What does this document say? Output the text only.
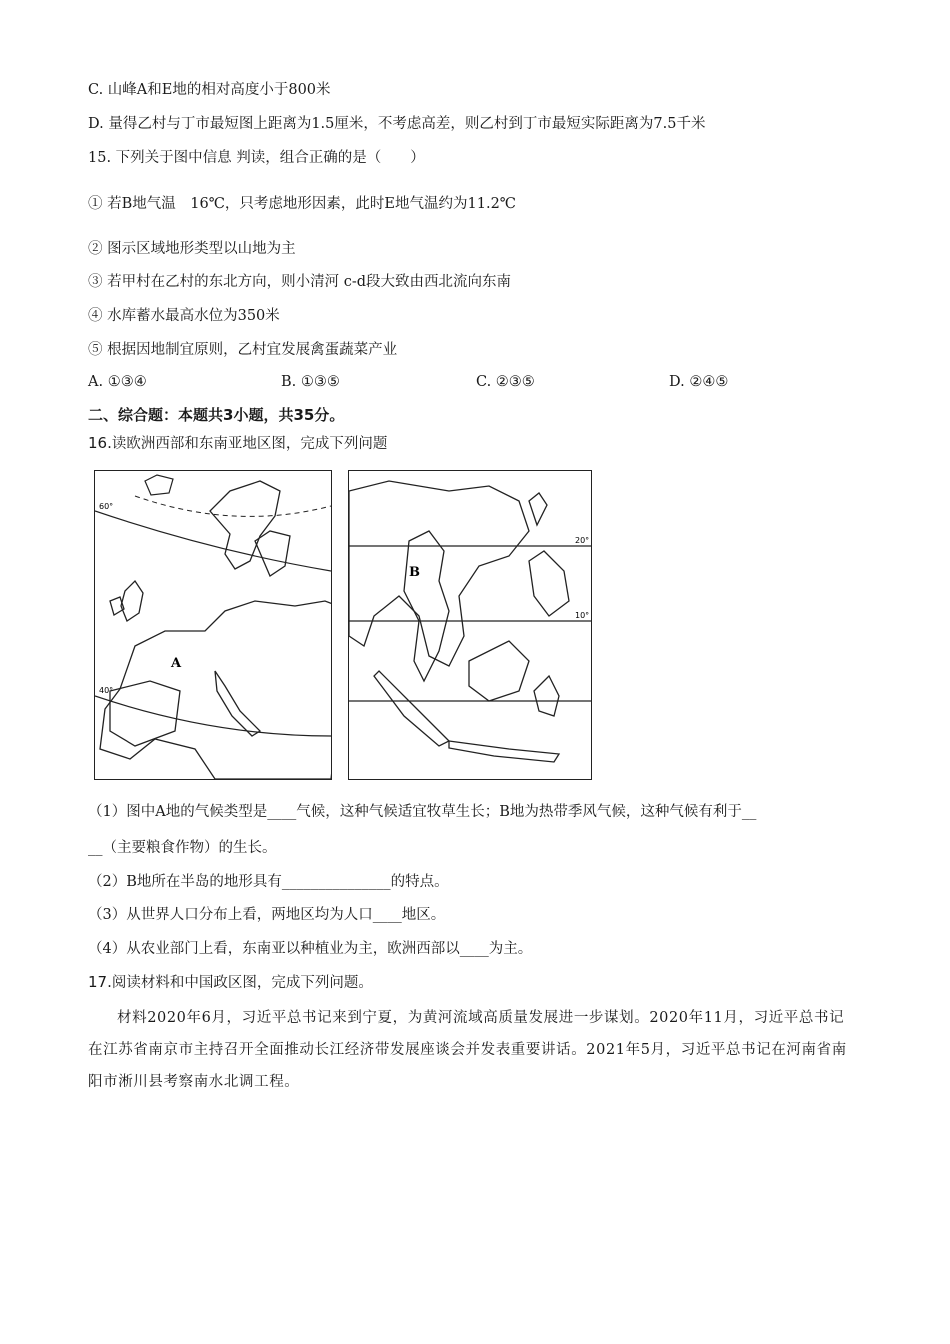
C. 山峰A和E地的相对高度小于800米
D. 量得乙村与丁市最短图上距离为1.5厘米，不考虑高差，则乙村到丁市最短实际距离为7.5千米
15. 下列关于图中信息 判读，组合正确的是（　　）
① 若B地气温　16℃，只考虑地形因素，此时E地气温约为11.2℃
② 图示区域地形类型以山地为主
③ 若甲村在乙村的东北方向，则小清河 c-d段大致由西北流向东南
④ 水库蓄水最高水位为350米
⑤ 根据因地制宜原则，乙村宜发展禽蛋蔬菜产业
A. ①③④	B. ①③⑤	C. ②③⑤	D. ②④⑤
二、综合题：本题共3小题，共35分。
16.读欧洲西部和东南亚地区图，完成下列问题
60°
40°
A
20°
10°
B
（1）图中A地的气候类型是____气候，这种气候适宜牧草生长；B地为热带季风气候，这种气候有利于__
__（主要粮食作物）的生长。
（2）B地所在半岛的地形具有_______________的特点。
（3）从世界人口分布上看，两地区均为人口____地区。
（4）从农业部门上看，东南亚以种植业为主，欧洲西部以____为主。
17.阅读材料和中国政区图，完成下列问题。
材料2020年6月，习近平总书记来到宁夏，为黄河流域高质量发展进一步谋划。2020年11月，习近平总书记在江苏省南京市主持召开全面推动长江经济带发展座谈会并发表重要讲话。2021年5月，习近平总书记在河南省南阳市淅川县考察南水北调工程。
